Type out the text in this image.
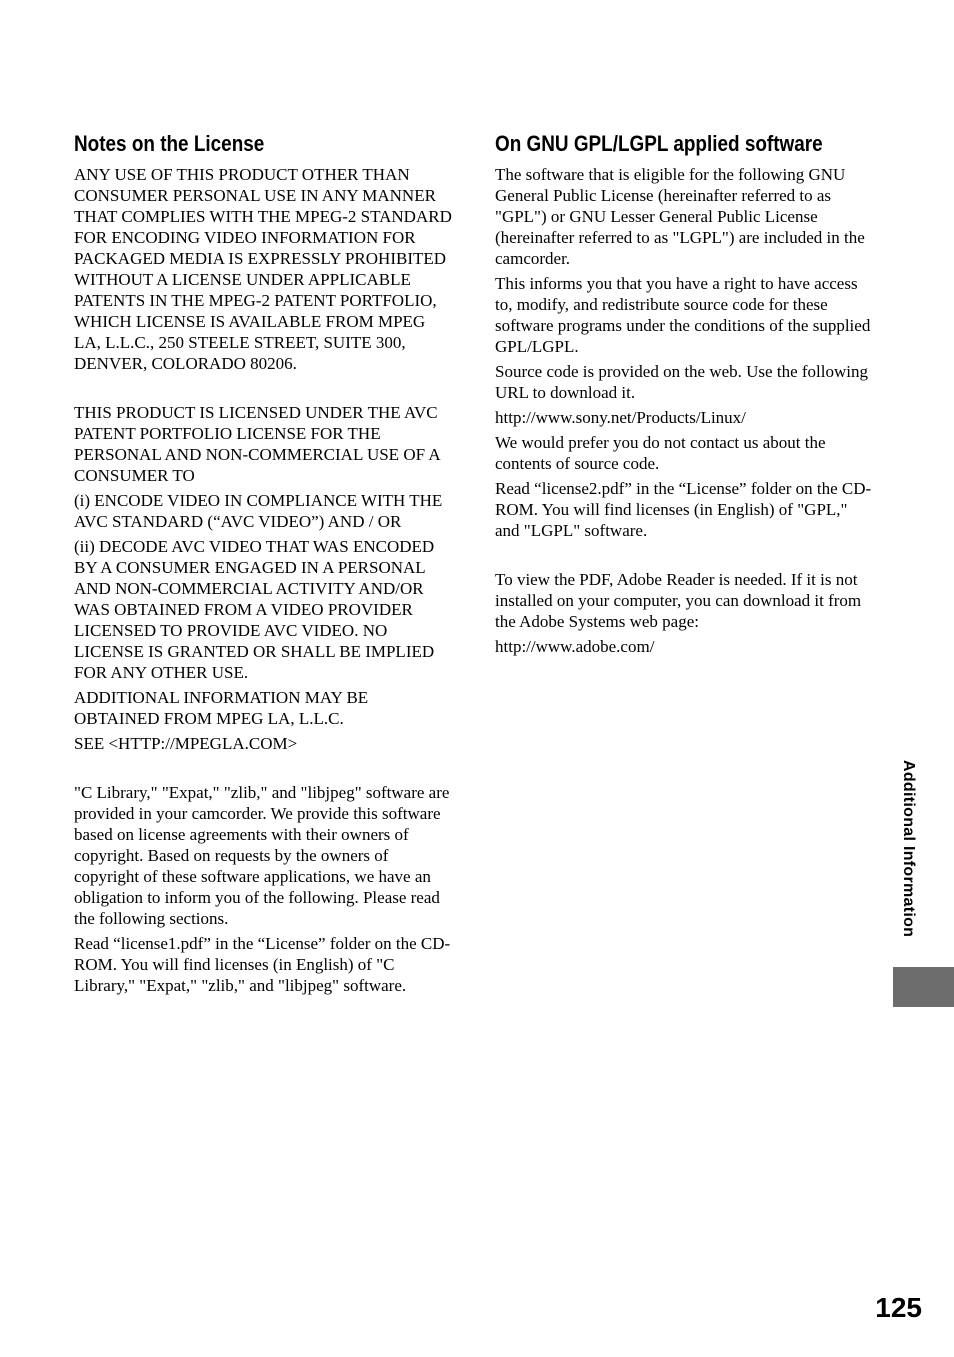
Notes on the License

ANY USE OF THIS PRODUCT OTHER THAN CONSUMER PERSONAL USE IN ANY MANNER THAT COMPLIES WITH THE MPEG-2 STANDARD FOR ENCODING VIDEO INFORMATION FOR PACKAGED MEDIA IS EXPRESSLY PROHIBITED WITHOUT A LICENSE UNDER APPLICABLE PATENTS IN THE MPEG-2 PATENT PORTFOLIO, WHICH LICENSE IS AVAILABLE FROM MPEG LA, L.L.C., 250 STEELE STREET, SUITE 300, DENVER, COLORADO 80206.

THIS PRODUCT IS LICENSED UNDER THE AVC PATENT PORTFOLIO LICENSE FOR THE PERSONAL AND NON-COMMERCIAL USE OF A CONSUMER TO

(i) ENCODE VIDEO IN COMPLIANCE WITH THE AVC STANDARD (“AVC VIDEO”) AND / OR

(ii) DECODE AVC VIDEO THAT WAS ENCODED BY A CONSUMER ENGAGED IN A PERSONAL AND NON-COMMERCIAL ACTIVITY AND/OR WAS OBTAINED FROM A VIDEO PROVIDER LICENSED TO PROVIDE AVC VIDEO. NO LICENSE IS GRANTED OR SHALL BE IMPLIED FOR ANY OTHER USE.

ADDITIONAL INFORMATION MAY BE OBTAINED FROM MPEG LA, L.L.C.

SEE <HTTP://MPEGLA.COM>

"C Library," "Expat," "zlib," and "libjpeg" software are provided in your camcorder. We provide this software based on license agreements with their owners of copyright. Based on requests by the owners of copyright of these software applications, we have an obligation to inform you of the following. Please read the following sections.

Read “license1.pdf” in the “License” folder on the CD-ROM. You will find licenses (in English) of "C Library," "Expat," "zlib," and "libjpeg" software.

On GNU GPL/LGPL applied software

The software that is eligible for the following GNU General Public License (hereinafter referred to as "GPL") or GNU Lesser General Public License (hereinafter referred to as "LGPL") are included in the camcorder.

This informs you that you have a right to have access to, modify, and redistribute source code for these software programs under the conditions of the supplied GPL/LGPL.

Source code is provided on the web. Use the following URL to download it.

http://www.sony.net/Products/Linux/

We would prefer you do not contact us about the contents of source code.

Read “license2.pdf” in the “License” folder on the CD-ROM. You will find licenses (in English) of "GPL," and "LGPL" software.

To view the PDF, Adobe Reader is needed. If it is not installed on your computer, you can download it from the Adobe Systems web page:

http://www.adobe.com/

Additional Information
125
